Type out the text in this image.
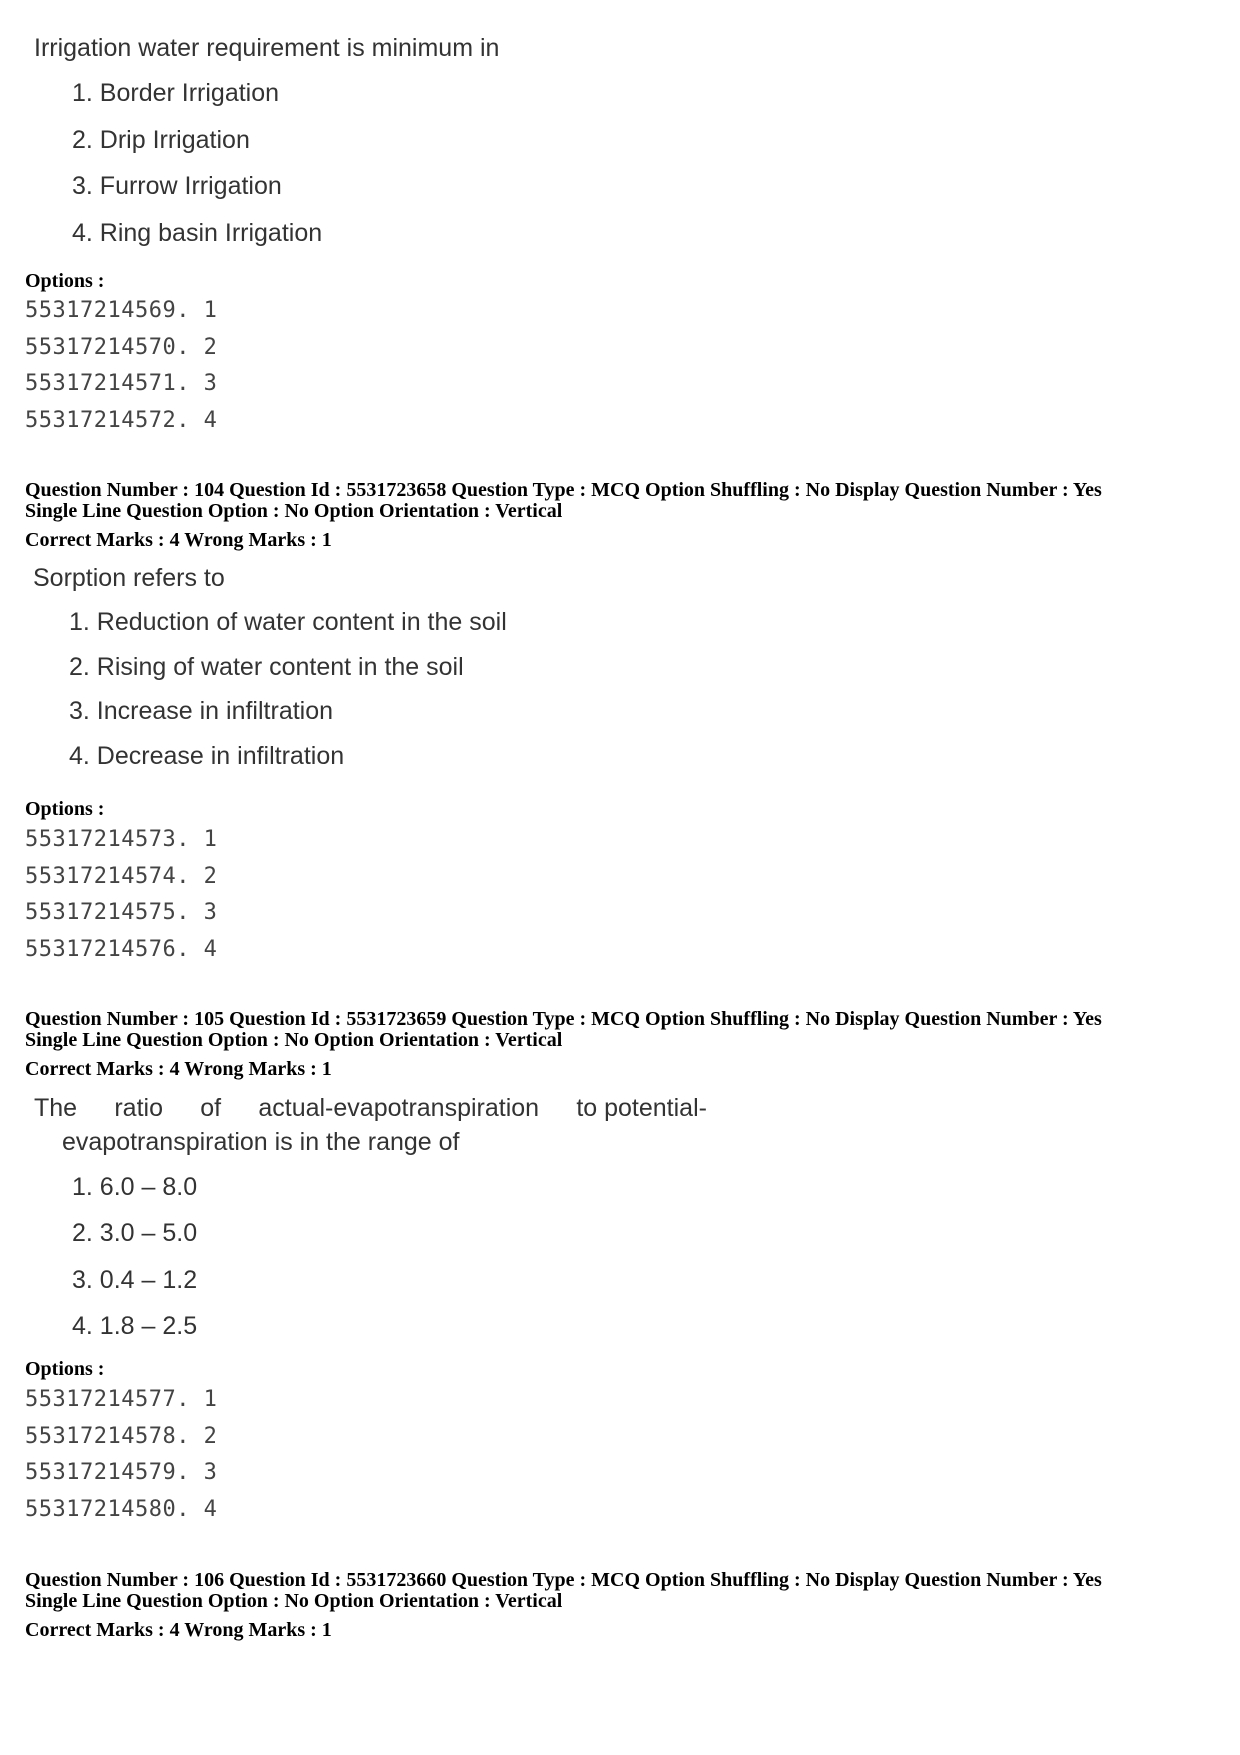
Irrigation water requirement is minimum in
1. Border Irrigation
2. Drip Irrigation
3. Furrow Irrigation
4. Ring basin Irrigation
Options :
55317214569. 1
55317214570. 2
55317214571. 3
55317214572. 4
Question Number : 104 Question Id : 5531723658 Question Type : MCQ Option Shuffling : No Display Question Number : Yes
Single Line Question Option : No Option Orientation : Vertical
Correct Marks : 4 Wrong Marks : 1
Sorption refers to
1. Reduction of water content in the soil
2. Rising of water content in the soil
3. Increase in infiltration
4. Decrease in infiltration
Options :
55317214573. 1
55317214574. 2
55317214575. 3
55317214576. 4
Question Number : 105 Question Id : 5531723659 Question Type : MCQ Option Shuffling : No Display Question Number : Yes
Single Line Question Option : No Option Orientation : Vertical
Correct Marks : 4 Wrong Marks : 1
The ratio of actual-evapotranspiration to potential-
evapotranspiration is in the range of
1. 6.0 – 8.0
2. 3.0 – 5.0
3. 0.4 – 1.2
4. 1.8 – 2.5
Options :
55317214577. 1
55317214578. 2
55317214579. 3
55317214580. 4
Question Number : 106 Question Id : 5531723660 Question Type : MCQ Option Shuffling : No Display Question Number : Yes
Single Line Question Option : No Option Orientation : Vertical
Correct Marks : 4 Wrong Marks : 1
